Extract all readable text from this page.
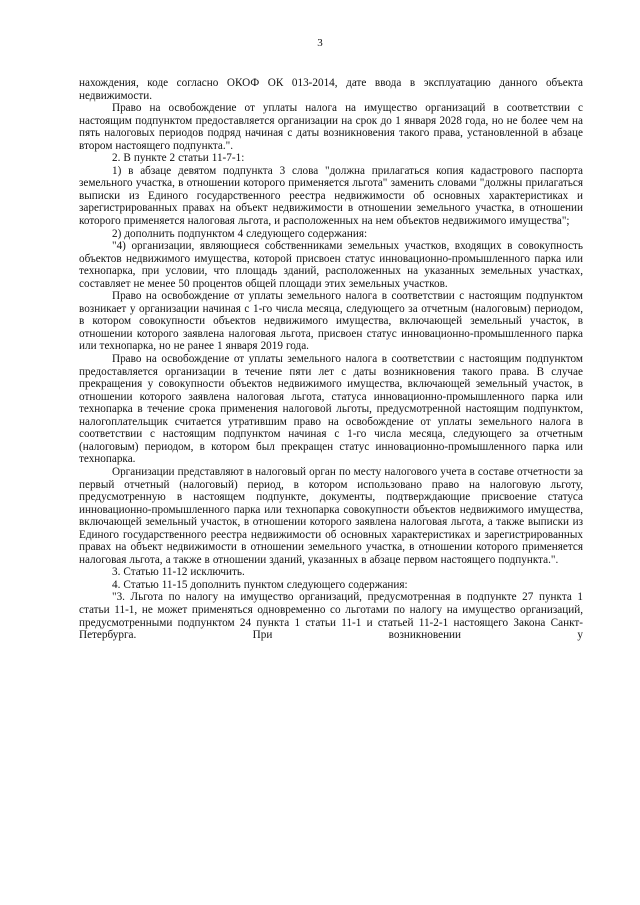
3

нахождения, коде согласно ОКОФ ОК 013-2014, дате ввода в эксплуатацию данного объекта недвижимости.

Право на освобождение от уплаты налога на имущество организаций в соответствии с настоящим подпунктом предоставляется организации на срок до 1 января 2028 года, но не более чем на пять налоговых периодов подряд начиная с даты возникновения такого права, установленной в абзаце втором настоящего подпункта.".

2. В пункте 2 статьи 11-7-1:

1) в абзаце девятом подпункта 3 слова "должна прилагаться копия кадастрового паспорта земельного участка, в отношении которого применяется льгота" заменить словами "должны прилагаться выписки из Единого государственного реестра недвижимости об основных характеристиках и зарегистрированных правах на объект недвижимости в отношении земельного участка, в отношении которого применяется налоговая льгота, и расположенных на нем объектов недвижимого имущества";

2) дополнить подпунктом 4 следующего содержания:

"4) организации, являющиеся собственниками земельных участков, входящих в совокупность объектов недвижимого имущества, которой присвоен статус инновационно-промышленного парка или технопарка, при условии, что площадь зданий, расположенных на указанных земельных участках, составляет не менее 50 процентов общей площади этих земельных участков.

Право на освобождение от уплаты земельного налога в соответствии с настоящим подпунктом возникает у организации начиная с 1-го числа месяца, следующего за отчетным (налоговым) периодом, в котором совокупности объектов недвижимого имущества, включающей земельный участок, в отношении которого заявлена налоговая льгота, присвоен статус инновационно-промышленного парка или технопарка, но не ранее 1 января 2019 года.

Право на освобождение от уплаты земельного налога в соответствии с настоящим подпунктом предоставляется организации в течение пяти лет с даты возникновения такого права. В случае прекращения у совокупности объектов недвижимого имущества, включающей земельный участок, в отношении которого заявлена налоговая льгота, статуса инновационно-промышленного парка или технопарка в течение срока применения налоговой льготы, предусмотренной настоящим подпунктом, налогоплательщик считается утратившим право на освобождение от уплаты земельного налога в соответствии с настоящим подпунктом начиная с 1-го числа месяца, следующего за отчетным (налоговым) периодом, в котором был прекращен статус инновационно-промышленного парка или технопарка.

Организации представляют в налоговый орган по месту налогового учета в составе отчетности за первый отчетный (налоговый) период, в котором использовано право на налоговую льготу, предусмотренную в настоящем подпункте, документы, подтверждающие присвоение статуса инновационно-промышленного парка или технопарка совокупности объектов недвижимого имущества, включающей земельный участок, в отношении которого заявлена налоговая льгота, а также выписки из Единого государственного реестра недвижимости об основных характеристиках и зарегистрированных правах на объект недвижимости в отношении земельного участка, в отношении которого применяется налоговая льгота, а также в отношении зданий, указанных в абзаце первом настоящего подпункта.".

3. Статью 11-12 исключить.

4. Статью 11-15 дополнить пунктом следующего содержания:

"3. Льгота по налогу на имущество организаций, предусмотренная в подпункте 27 пункта 1 статьи 11-1, не может применяться одновременно со льготами по налогу на имущество организаций, предусмотренными подпунктом 24 пункта 1 статьи 11-1 и статьей 11-2-1 настоящего Закона Санкт-Петербурга. При возникновении у
